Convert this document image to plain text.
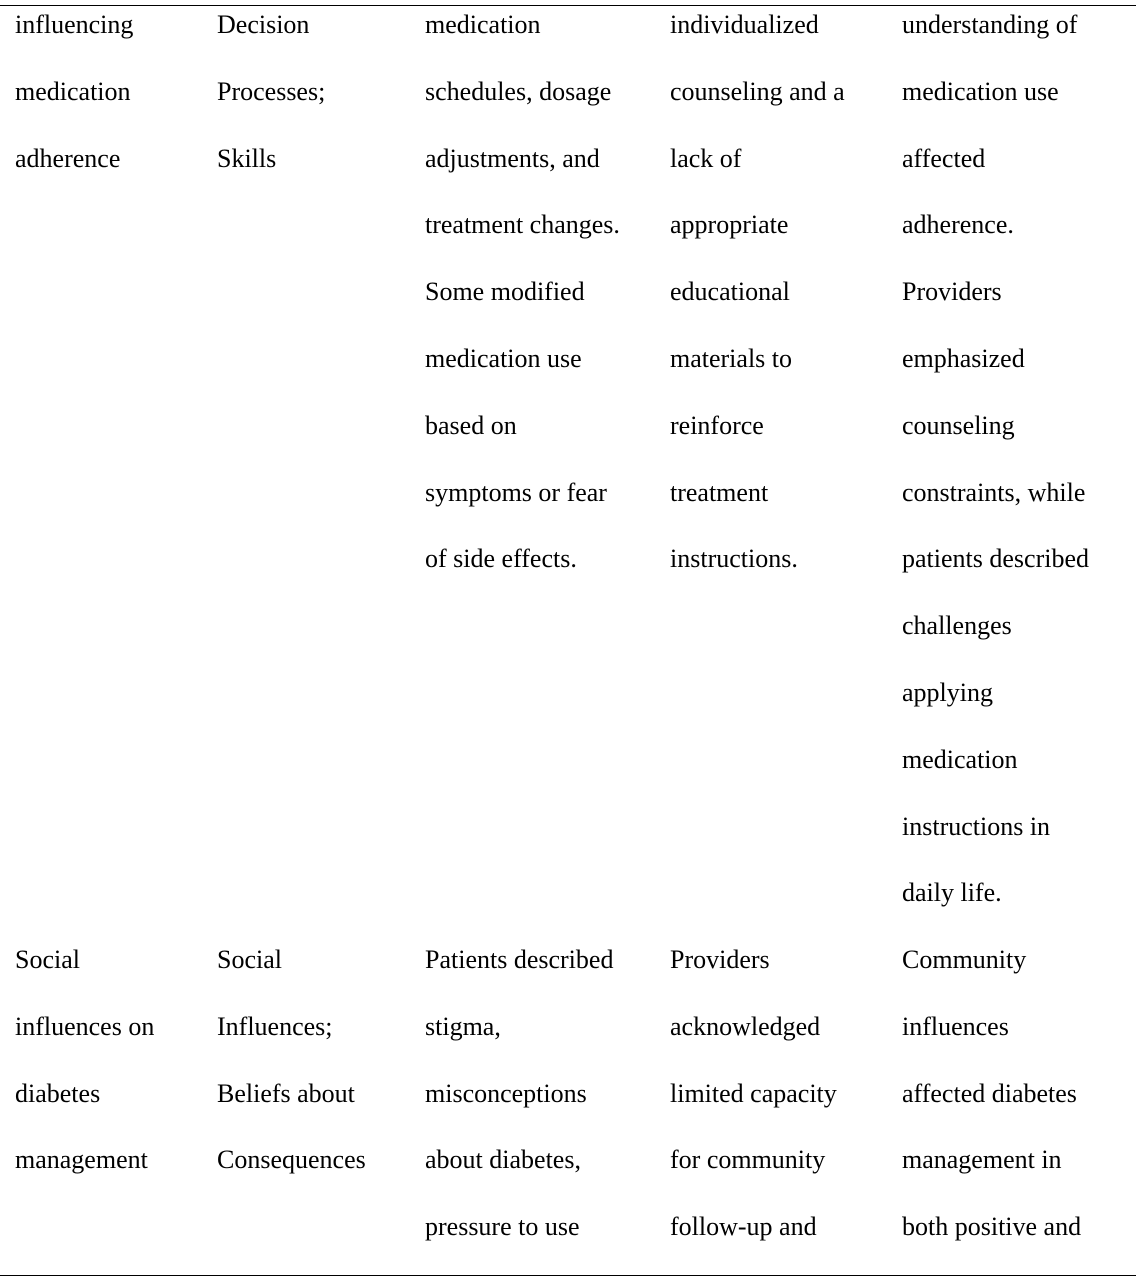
influencing
medication
adherence
Decision
Processes;
Skills
medication
schedules, dosage
adjustments, and
treatment changes.
Some modified
medication use
based on
symptoms or fear
of side effects.
individualized
counseling and a
lack of
appropriate
educational
materials to
reinforce
treatment
instructions.
understanding of
medication use
affected
adherence.
Providers
emphasized
counseling
constraints, while
patients described
challenges
applying
medication
instructions in
daily life.
Social
influences on
diabetes
management
Social
Influences;
Beliefs about
Consequences
Patients described
stigma,
misconceptions
about diabetes,
pressure to use
Providers
acknowledged
limited capacity
for community
follow-up and
Community
influences
affected diabetes
management in
both positive and
